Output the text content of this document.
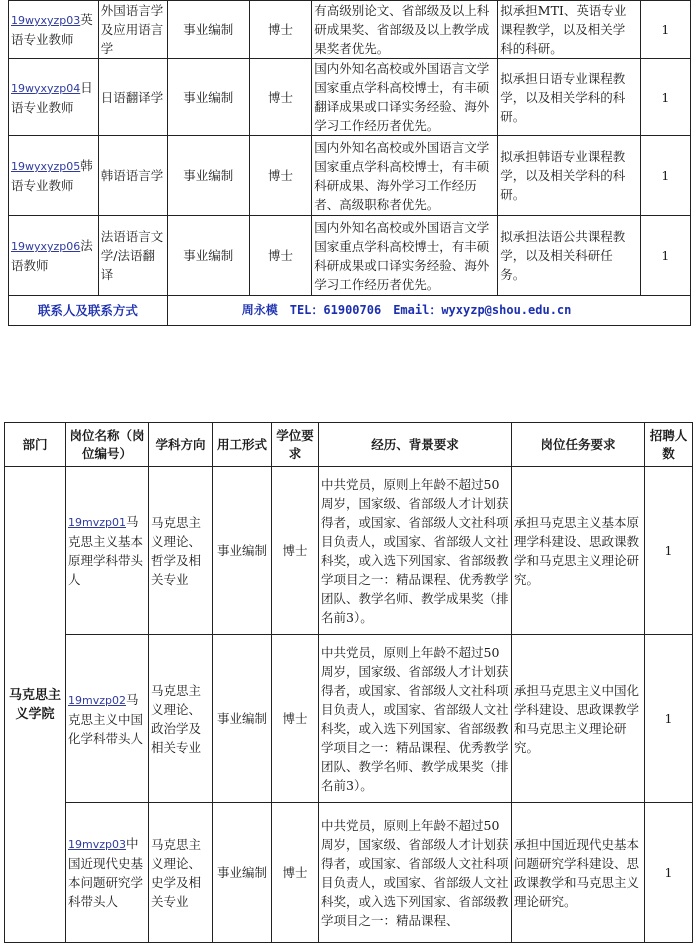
19wyxyzp03英语专业教师	外国语言学及应用语言学	事业编制	博士	有高级别论文、省部级及以上科研成果奖、省部级及以上教学成果奖者优先。	拟承担MTI、英语专业课程教学，以及相关学科的科研。	1
19wyxyzp04日语专业教师	日语翻译学	事业编制	博士	国内外知名高校或外国语言文学国家重点学科高校博士，有丰硕翻译成果或口译实务经验、海外学习工作经历者优先。	拟承担日语专业课程教学，以及相关学科的科研。	1
19wyxyzp05韩语专业教师	韩语语言学	事业编制	博士	国内外知名高校或外国语言文学国家重点学科高校博士，有丰硕科研成果、海外学习工作经历者、高级职称者优先。	拟承担韩语专业课程教学，以及相关学科的科研。	1
19wyxyzp06法语教师	法语语言文学/法语翻译	事业编制	博士	国内外知名高校或外国语言文学国家重点学科高校博士，有丰硕科研成果或口译实务经验、海外学习工作经历者优先。	拟承担法语公共课程教学，以及相关科研任务。	1
联系人及联系方式		周永模 TEL：61900706　Email：wyxyzp@shou.edu.cn				
部门	岗位名称（岗位编号）	学科方向	用工形式	学位要求	经历、背景要求	岗位任务要求	招聘人数
马克思主义学院	19mvzp01马克思主义基本原理学科带头人	马克思主义理论、哲学及相关专业	事业编制	博士	中共党员，原则上年龄不超过50周岁，国家级、省部级人才计划获得者，或国家、省部级人文社科项目负责人，或国家、省部级人文社科奖，或入选下列国家、省部级教学项目之一：精品课程、优秀教学团队、教学名师、教学成果奖（排名前3）。	承担马克思主义基本原理学科建设、思政课教学和马克思主义理论研究。	1
	19mvzp02马克思主义中国化学科带头人	马克思主义理论、政治学及相关专业	事业编制	博士	中共党员，原则上年龄不超过50周岁，国家级、省部级人才计划获得者，或国家、省部级人文社科项目负责人，或国家、省部级人文社科奖，或入选下列国家、省部级教学项目之一：精品课程、优秀教学团队、教学名师、教学成果奖（排名前3）。	承担马克思主义中国化学科建设、思政课教学和马克思主义理论研究。	1
	19mvzp03中国近现代史基本问题研究学科带头人	马克思主义理论、史学及相关专业	事业编制	博士	中共党员，原则上年龄不超过50周岁，国家级、省部级人才计划获得者，或国家、省部级人文社科项目负责人，或国家、省部级人文社科奖，或入选下列国家、省部级教学项目之一：精品课程、	承担中国近现代史基本问题研究学科建设、思政课教学和马克思主义理论研究。	1
